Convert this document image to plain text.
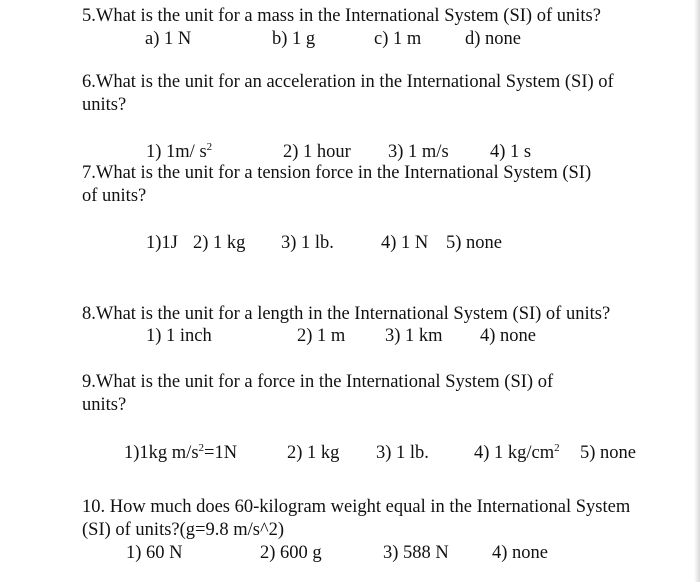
5.What is the unit for a mass in the International System (SI) of units?
a) 1 N	b) 1 g	c) 1 m d) none
6.What is the unit for an acceleration in the International System (SI) of
units?
1) 1m/ $s^2$	2) 1 hour 3) 1 m/s 4) 1 s
7.What is the unit for a tension force in the International System (SI)
of units?
1)1J 2) 1 kg 3) 1 lb.	4) 1 N 5) none
8.What is the unit for a length in the International System (SI) of units?
1) 1 inch	2) 1 m 3) 1 km 4) none
9.What is the unit for a force in the International System (SI) of
units?
1)1kg $m/s^2=1N$	2) 1 kg 3) 1 lb. 4) 1 $kg/cm^2$ 5) none
10. How much does 60-kilogram weight equal in the International System
(SI) of units?(g=9.8 m/s^2)
1) 60 N	2) 600 g	3) 588 N 4) none
